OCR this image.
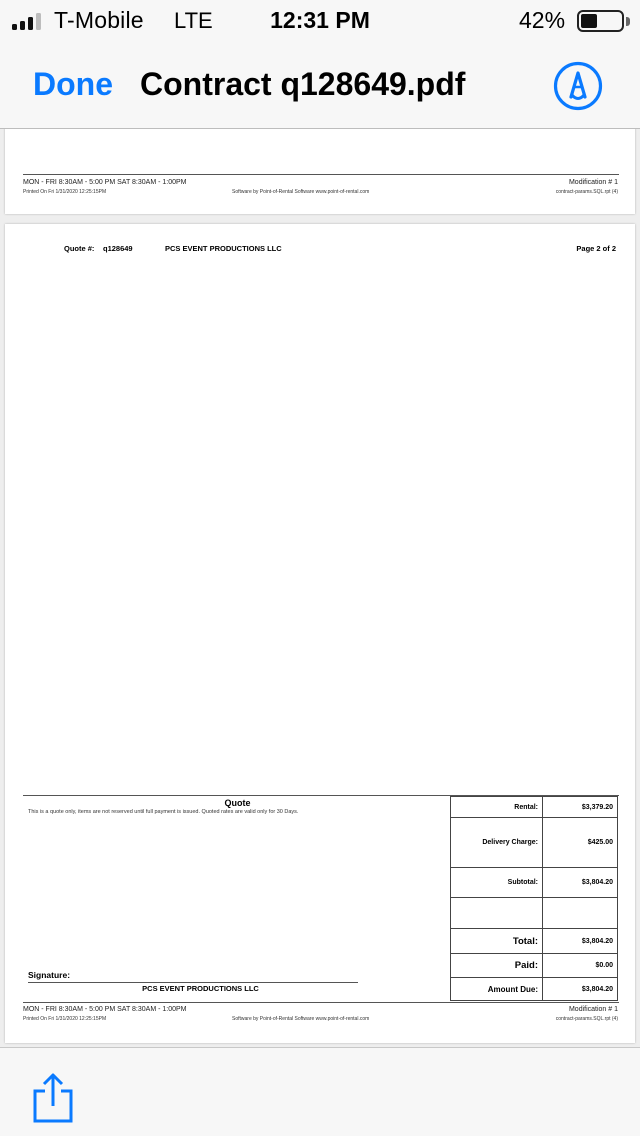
T-Mobile LTE	12:31 PM	42%
Done Contract q128649.pdf
MON - FRI 8:30AM - 5:00 PM SAT 8:30AM - 1:00PM
Printed On Fri 1/31/2020 12:25:15PM	Software by Point-of-Rental Software www.point-of-rental.com
Modification # 1
contract-params.SQL.rpt (4)
Quote #: q128649	PCS EVENT PRODUCTIONS LLC	Page 2 of 2
Quote
This is a quote only, items are not reserved until full payment is issued. Quoted rates are valid only for 30 Days.
Signature:
PCS EVENT PRODUCTIONS LLC
Rental:	$3,379.20
Delivery Charge:	$425.00
Subtotal:	$3,804.20
Total:	$3,804.20
Paid:	$0.00
Amount Due:	$3,804.20
MON - FRI 8:30AM - 5:00 PM SAT 8:30AM - 1:00PM
Printed On Fri 1/31/2020 12:25:15PM	Software by Point-of-Rental Software www.point-of-rental.com
Modification # 1
contract-params.SQL.rpt (4)
